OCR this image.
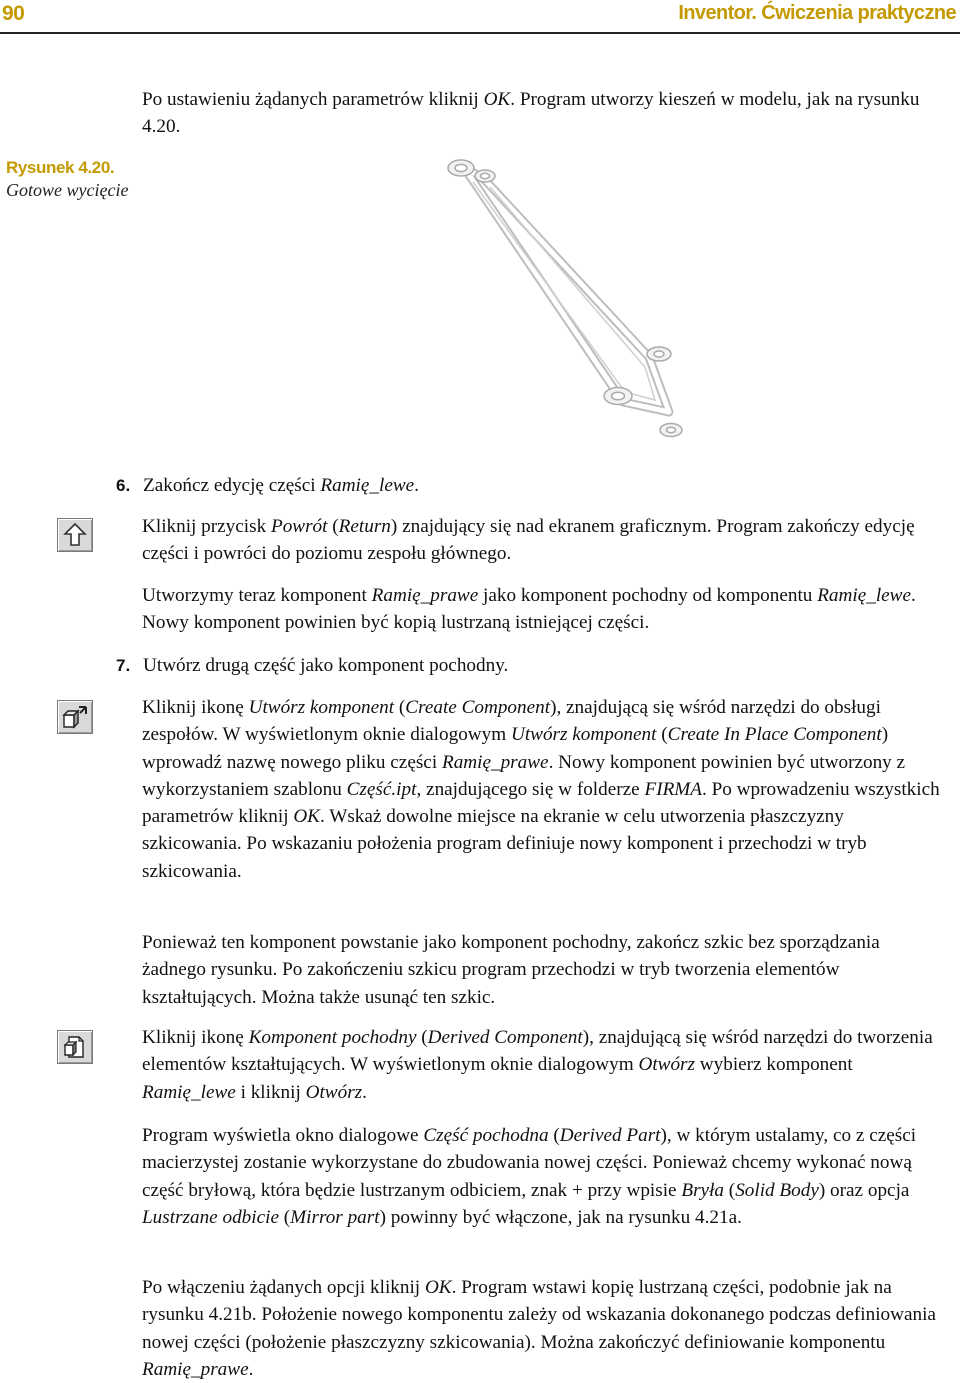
90	Inventor. Ćwiczenia praktyczne

Po ustawieniu żądanych parametrów kliknij OK. Program utworzy kieszeń w modelu, jak na rysunku 4.20.

Rysunek 4.20.
Gotowe wycięcie
6. Zakończ edycję części Ramię_lewe.

Kliknij przycisk Powrót (Return) znajdujący się nad ekranem graficznym. Program zakończy edycję części i powróci do poziomu zespołu głównego.

Utworzymy teraz komponent Ramię_prawe jako komponent pochodny od komponentu Ramię_lewe. Nowy komponent powinien być kopią lustrzaną istniejącej części.

7. Utwórz drugą część jako komponent pochodny.

Kliknij ikonę Utwórz komponent (Create Component), znajdującą się wśród narzędzi do obsługi zespołów. W wyświetlonym oknie dialogowym Utwórz komponent (Create In Place Component) wprowadź nazwę nowego pliku części Ramię_prawe. Nowy komponent powinien być utworzony z wykorzystaniem szablonu Część.ipt, znajdującego się w folderze FIRMA. Po wprowadzeniu wszystkich parametrów kliknij OK. Wskaż dowolne miejsce na ekranie w celu utworzenia płaszczyzny szkicowania. Po wskazaniu położenia program definiuje nowy komponent i przechodzi w tryb szkicowania.

Ponieważ ten komponent powstanie jako komponent pochodny, zakończ szkic bez sporządzania żadnego rysunku. Po zakończeniu szkicu program przechodzi w tryb tworzenia elementów kształtujących. Można także usunąć ten szkic.

Kliknij ikonę Komponent pochodny (Derived Component), znajdującą się wśród narzędzi do tworzenia elementów kształtujących. W wyświetlonym oknie dialogowym Otwórz wybierz komponent Ramię_lewe i kliknij Otwórz.

Program wyświetla okno dialogowe Część pochodna (Derived Part), w którym ustalamy, co z części macierzystej zostanie wykorzystane do zbudowania nowej części. Ponieważ chcemy wykonać nową część bryłową, która będzie lustrzanym odbiciem, znak + przy wpisie Bryła (Solid Body) oraz opcja Lustrzane odbicie (Mirror part) powinny być włączone, jak na rysunku 4.21a.

Po włączeniu żądanych opcji kliknij OK. Program wstawi kopię lustrzaną części, podobnie jak na rysunku 4.21b. Położenie nowego komponentu zależy od wskazania dokonanego podczas definiowania nowej części (położenie płaszczyzny szkicowania). Można zakończyć definiowanie komponentu Ramię_prawe.
